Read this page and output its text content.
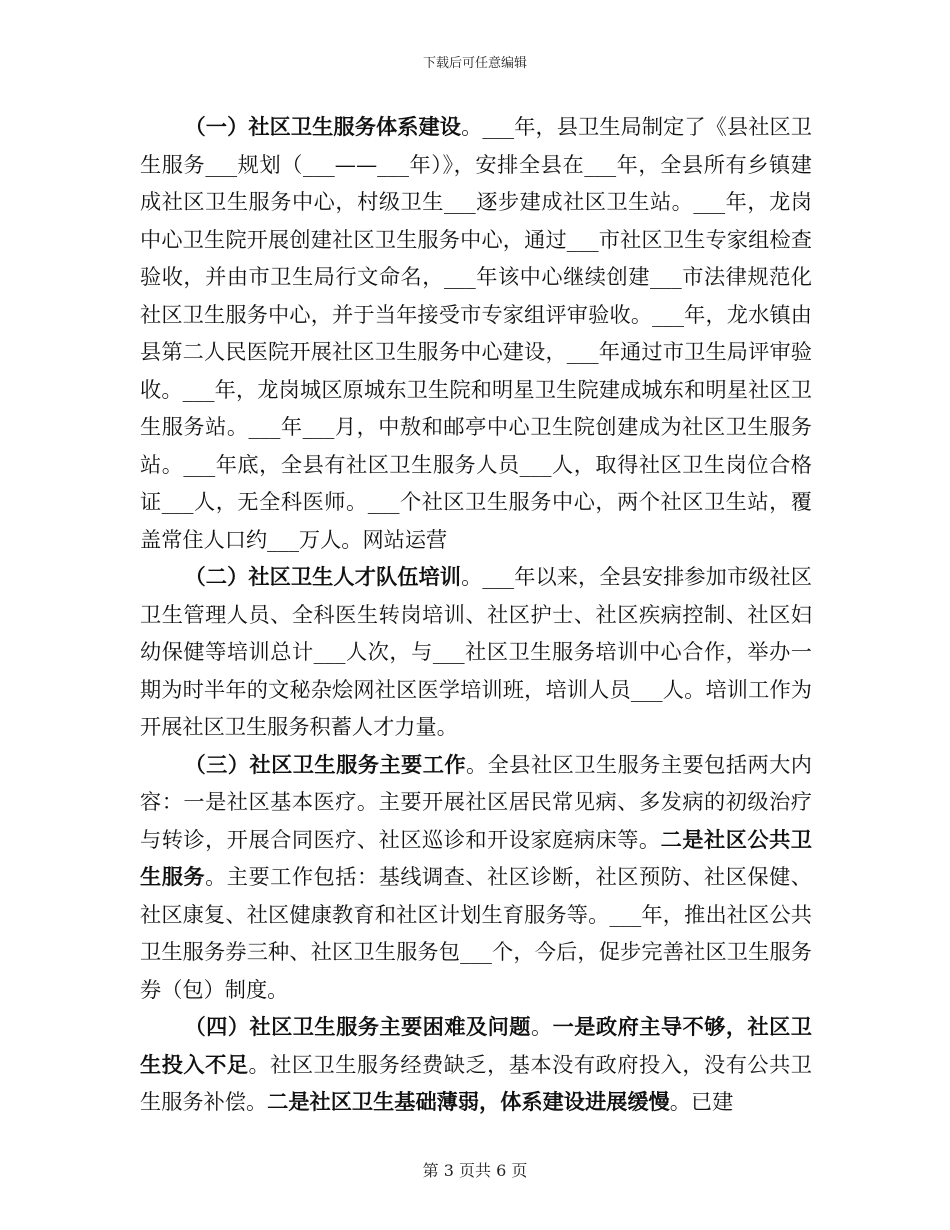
下载后可任意编辑

（一）社区卫生服务体系建设。___年，县卫生局制定了《县社区卫生服务___规划（___——___年）》，安排全县在___年，全县所有乡镇建成社区卫生服务中心，村级卫生___逐步建成社区卫生站。___年，龙岗中心卫生院开展创建社区卫生服务中心，通过___市社区卫生专家组检查验收，并由市卫生局行文命名，___年该中心继续创建___市法律规范化社区卫生服务中心，并于当年接受市专家组评审验收。___年，龙水镇由县第二人民医院开展社区卫生服务中心建设，___年通过市卫生局评审验收。___年，龙岗城区原城东卫生院和明星卫生院建成城东和明星社区卫生服务站。___年___月，中敖和邮亭中心卫生院创建成为社区卫生服务站。___年底，全县有社区卫生服务人员___人，取得社区卫生岗位合格证___人，无全科医师。___个社区卫生服务中心，两个社区卫生站，覆盖常住人口约___万人。网站运营

（二）社区卫生人才队伍培训。___年以来，全县安排参加市级社区卫生管理人员、全科医生转岗培训、社区护士、社区疾病控制、社区妇幼保健等培训总计___人次，与___社区卫生服务培训中心合作，举办一期为时半年的文秘杂烩网社区医学培训班，培训人员___人。培训工作为开展社区卫生服务积蓄人才力量。

（三）社区卫生服务主要工作。全县社区卫生服务主要包括两大内容：一是社区基本医疗。主要开展社区居民常见病、多发病的初级治疗与转诊，开展合同医疗、社区巡诊和开设家庭病床等。二是社区公共卫生服务。主要工作包括：基线调查、社区诊断，社区预防、社区保健、社区康复、社区健康教育和社区计划生育服务等。___年，推出社区公共卫生服务券三种、社区卫生服务包___个，今后，促步完善社区卫生服务券（包）制度。

（四）社区卫生服务主要困难及问题。一是政府主导不够，社区卫生投入不足。社区卫生服务经费缺乏，基本没有政府投入，没有公共卫生服务补偿。二是社区卫生基础薄弱，体系建设进展缓慢。已建

第 3 页共 6 页
